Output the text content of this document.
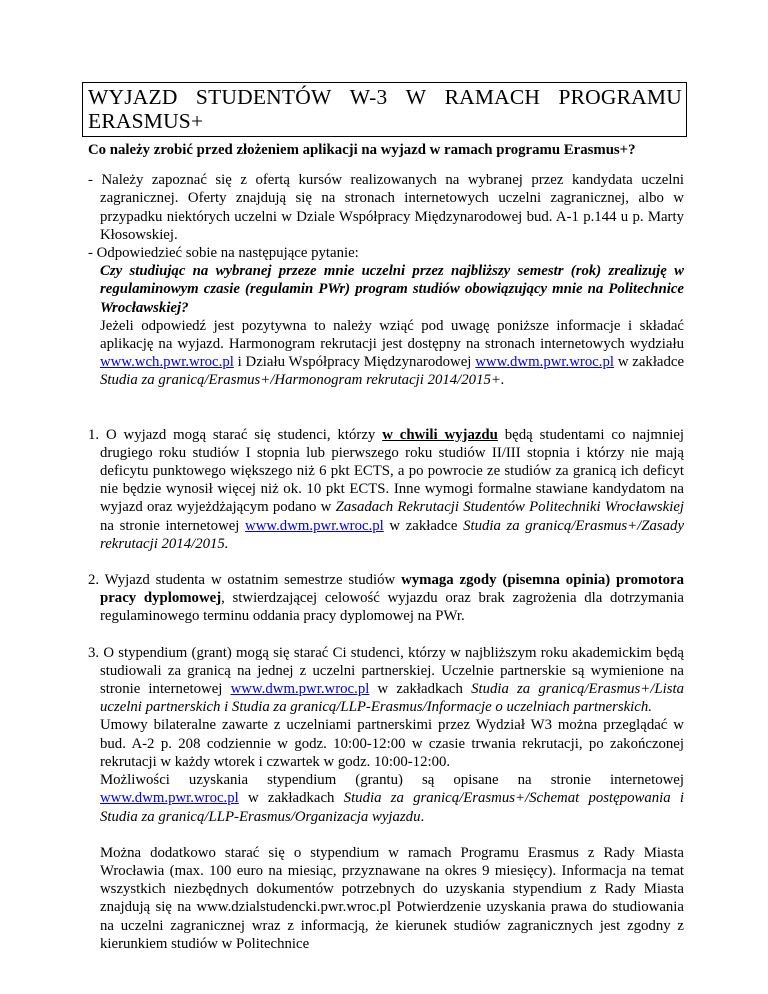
WYJAZD STUDENTÓW W-3 W RAMACH PROGRAMU
ERASMUS+

Co należy zrobić przed złożeniem aplikacji na wyjazd w ramach programu Erasmus+?

- Należy zapoznać się z ofertą kursów realizowanych na wybranej przez kandydata uczelni zagranicznej. Oferty znajdują się na stronach internetowych uczelni zagranicznej, albo w przypadku niektórych uczelni w Dziale Współpracy Międzynarodowej bud. A-1 p.144 u p. Marty Kłosowskiej.

- Odpowiedzieć sobie na następujące pytanie:

Czy studiując na wybranej przeze mnie uczelni przez najbliższy semestr (rok) zrealizuję w regulaminowym czasie (regulamin PWr) program studiów obowiązujący mnie na Politechnice Wrocławskiej?

Jeżeli odpowiedź jest pozytywna to należy wziąć pod uwagę poniższe informacje i składać aplikację na wyjazd. Harmonogram rekrutacji jest dostępny na stronach internetowych wydziału www.wch.pwr.wroc.pl i Działu Współpracy Międzynarodowej www.dwm.pwr.wroc.pl w zakładce Studia za granicą/Erasmus+/Harmonogram rekrutacji 2014/2015+.

1. O wyjazd mogą starać się studenci, którzy w chwili wyjazdu będą studentami co najmniej drugiego roku studiów I stopnia lub pierwszego roku studiów II/III stopnia i którzy nie mają deficytu punktowego większego niż 6 pkt ECTS, a po powrocie ze studiów za granicą ich deficyt nie będzie wynosił więcej niż ok. 10 pkt ECTS. Inne wymogi formalne stawiane kandydatom na wyjazd oraz wyjeżdżającym podano w Zasadach Rekrutacji Studentów Politechniki Wrocławskiej na stronie internetowej www.dwm.pwr.wroc.pl w zakładce Studia za granicą/Erasmus+/Zasady rekrutacji 2014/2015.

2. Wyjazd studenta w ostatnim semestrze studiów wymaga zgody (pisemna opinia) promotora pracy dyplomowej, stwierdzającej celowość wyjazdu oraz brak zagrożenia dla dotrzymania regulaminowego terminu oddania pracy dyplomowej na PWr.

3. O stypendium (grant) mogą się starać Ci studenci, którzy w najbliższym roku akademickim będą studiowali za granicą na jednej z uczelni partnerskiej. Uczelnie partnerskie są wymienione na stronie internetowej www.dwm.pwr.wroc.pl w zakładkach Studia za granicą/Erasmus+/Lista uczelni partnerskich i Studia za granicą/LLP-Erasmus/Informacje o uczelniach partnerskich.

Umowy bilateralne zawarte z uczelniami partnerskimi przez Wydział W3 można przeglądać w bud. A-2 p. 208 codziennie w godz. 10:00-12:00 w czasie trwania rekrutacji, po zakończonej rekrutacji w każdy wtorek i czwartek w godz. 10:00-12:00.

Możliwości uzyskania stypendium (grantu) są opisane na stronie internetowej www.dwm.pwr.wroc.pl w zakładkach Studia za granicą/Erasmus+/Schemat postępowania i Studia za granicą/LLP-Erasmus/Organizacja wyjazdu.

Można dodatkowo starać się o stypendium w ramach Programu Erasmus z Rady Miasta Wrocławia (max. 100 euro na miesiąc, przyznawane na okres 9 miesięcy). Informacja na temat wszystkich niezbędnych dokumentów potrzebnych do uzyskania stypendium z Rady Miasta znajdują się na www.dzialstudencki.pwr.wroc.pl Potwierdzenie uzyskania prawa do studiowania na uczelni zagranicznej wraz z informacją, że kierunek studiów zagranicznych jest zgodny z kierunkiem studiów w Politechnice
